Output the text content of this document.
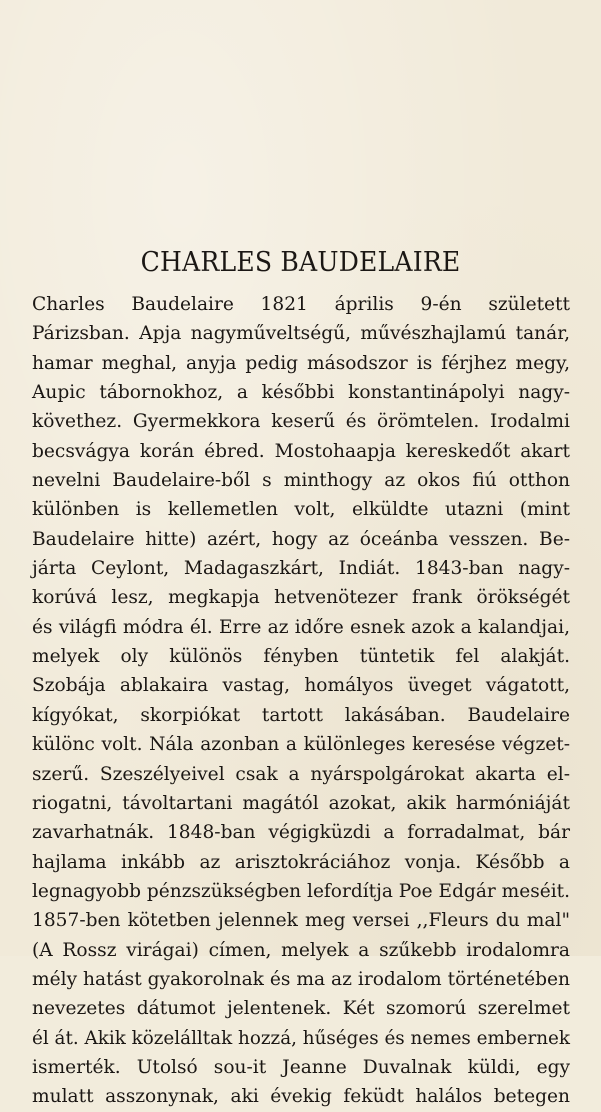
CHARLES BAUDELAIRE
Charles Baudelaire 1821 április 9-én született
Párizsban. Apja nagyműveltségű, művészhajlamú tanár,
hamar meghal, anyja pedig másodszor is férjhez megy,
Aupic tábornokhoz, a későbbi konstantinápolyi nagy-
követhez. Gyermekkora keserű és örömtelen. Irodalmi
becsvágya korán ébred. Mostohaapja kereskedőt akart
nevelni Baudelaire-ből s minthogy az okos fiú otthon
különben is kellemetlen volt, elküldte utazni (mint
Baudelaire hitte) azért, hogy az óceánba vesszen. Be-
járta Ceylont, Madagaszkárt, Indiát. 1843-ban nagy-
korúvá lesz, megkapja hetvenötezer frank örökségét
és világfi módra él. Erre az időre esnek azok a kalandjai,
melyek oly különös fényben tüntetik fel alakját.
Szobája ablakaira vastag, homályos üveget vágatott,
kígyókat, skorpiókat tartott lakásában. Baudelaire
különc volt. Nála azonban a különleges keresése végzet-
szerű. Szeszélyeivel csak a nyárspolgárokat akarta el-
riogatni, távoltartani magától azokat, akik harmóniáját
zavarhatnák. 1848-ban végigküzdi a forradalmat, bár
hajlama inkább az arisztokráciához vonja. Később a
legnagyobb pénzszükségben lefordítja Poe Edgár meséit.
1857-ben kötetben jelennek meg versei ,,Fleurs du mal"
(A Rossz virágai) címen, melyek a szűkebb irodalomra
mély hatást gyakorolnak és ma az irodalom történetében
nevezetes dátumot jelentenek. Két szomorú szerelmet
él át. Akik közelálltak hozzá, hűséges és nemes embernek
ismerték. Utolsó sou-it Jeanne Duvalnak küldi, egy
mulatt asszonynak, aki évekig feküdt halálos betegen
